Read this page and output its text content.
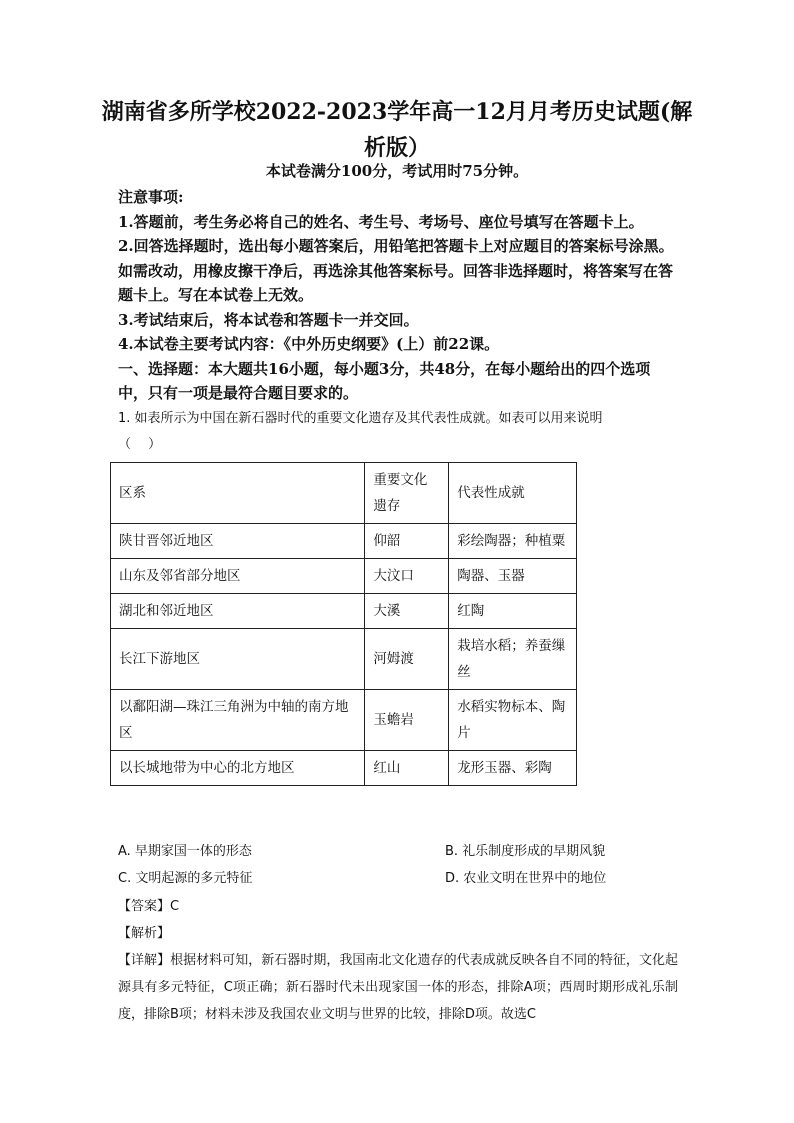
湖南省多所学校2022-2023学年高一12月月考历史试题(解析版）

本试卷满分100分，考试用时75分钟。

注意事项:

1.答题前，考生务必将自己的姓名、考生号、考场号、座位号填写在答题卡上。

2.回答选择题时，选出每小题答案后，用铅笔把答题卡上对应题目的答案标号涂黑。如需改动，用橡皮擦干净后，再选涂其他答案标号。回答非选择题时，将答案写在答题卡上。写在本试卷上无效。

3.考试结束后，将本试卷和答题卡一并交回。

4.本试卷主要考试内容：《中外历史纲要》(上）前22课。

一、选择题：本大题共16小题，每小题3分，共48分，在每小题给出的四个选项中，只有一项是最符合题目要求的。

1. 如表所示为中国在新石器时代的重要文化遗存及其代表性成就。如表可以用来说明

（　 ）

区系	重要文化遗存	代表性成就
陕甘晋邻近地区	仰韶	彩绘陶器；种植粟
山东及邻省部分地区	大汶口	陶器、玉器
湖北和邻近地区	大溪	红陶
长江下游地区	河姆渡	栽培水稻；养蚕缫丝
以鄱阳湖—珠江三角洲为中轴的南方地区	玉蟾岩	水稻实物标本、陶片
以长城地带为中心的北方地区	红山	龙形玉器、彩陶
A. 早期家国一体的形态	B. 礼乐制度形成的早期风貌
C. 文明起源的多元特征	D. 农业文明在世界中的地位

【答案】C

【解析】

【详解】根据材料可知，新石器时期，我国南北文化遗存的代表成就反映各自不同的特征，文化起源具有多元特征，C项正确；新石器时代未出现家国一体的形态，排除A项；西周时期形成礼乐制度，排除B项；材料未涉及我国农业文明与世界的比较，排除D项。故选C
